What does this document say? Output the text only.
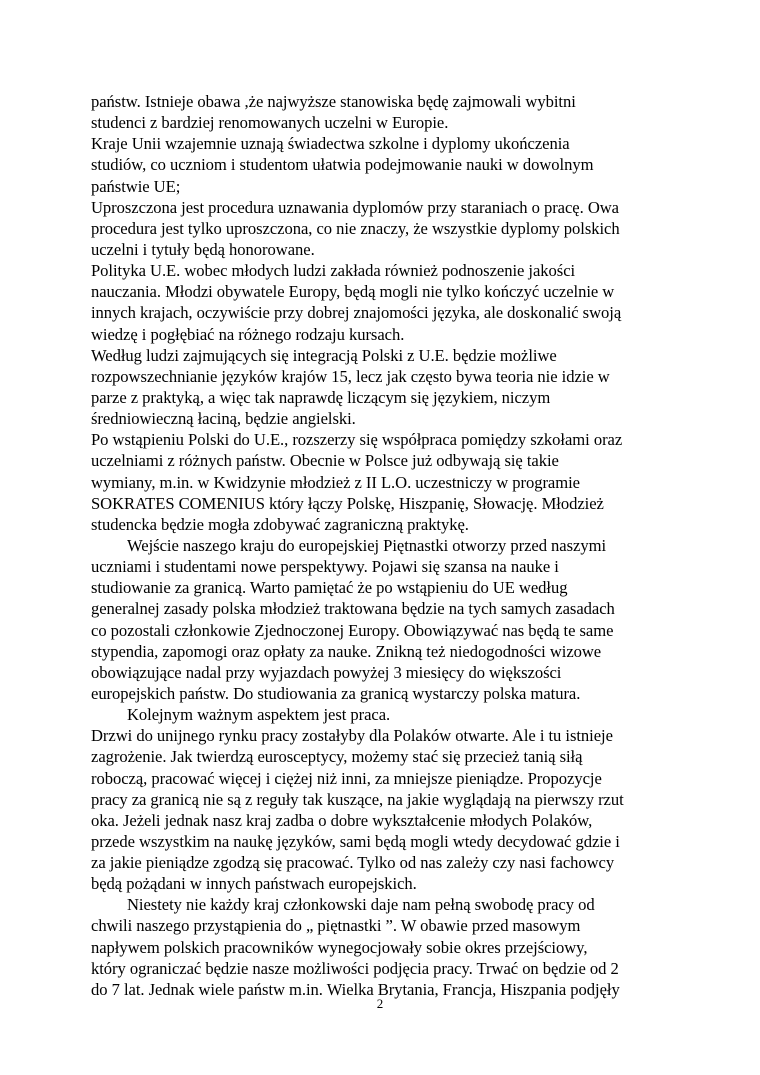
państw. Istnieje obawa ,że najwyższe stanowiska będę zajmowali wybitni
studenci z bardziej renomowanych uczelni w Europie.
Kraje Unii wzajemnie uznają świadectwa szkolne i dyplomy ukończenia
studiów, co uczniom i studentom ułatwia podejmowanie nauki w dowolnym
państwie UE;
Uproszczona jest procedura uznawania dyplomów przy staraniach o pracę. Owa
procedura jest tylko uproszczona, co nie znaczy, że wszystkie dyplomy polskich
uczelni i tytuły będą honorowane.
Polityka U.E. wobec młodych ludzi zakłada również podnoszenie jakości
nauczania. Młodzi obywatele Europy, będą mogli nie tylko kończyć uczelnie w
innych krajach, oczywiście przy dobrej znajomości języka, ale doskonalić swoją
wiedzę i pogłębiać na różnego rodzaju kursach.
Według ludzi zajmujących się integracją Polski z U.E. będzie możliwe
rozpowszechnianie języków krajów 15, lecz jak często bywa teoria nie idzie w
parze z praktyką, a więc tak naprawdę liczącym się językiem, niczym
średniowieczną łaciną, będzie angielski.
Po wstąpieniu Polski do U.E., rozszerzy się współpraca pomiędzy szkołami oraz
uczelniami z różnych państw. Obecnie w Polsce już odbywają się takie
wymiany, m.in. w Kwidzynie młodzież z II L.O. uczestniczy w programie
SOKRATES COMENIUS który łączy Polskę, Hiszpanię, Słowację. Młodzież
studencka będzie mogła zdobywać zagraniczną praktykę.
Wejście naszego kraju do europejskiej Piętnastki otworzy przed naszymi
uczniami i studentami nowe perspektywy. Pojawi się szansa na nauke i
studiowanie za granicą. Warto pamiętać że po wstąpieniu do UE według
generalnej zasady polska młodzież traktowana będzie na tych samych zasadach
co pozostali członkowie Zjednoczonej Europy. Obowiązywać nas będą te same
stypendia, zapomogi oraz opłaty za nauke. Znikną też niedogodności wizowe
obowiązujące nadal przy wyjazdach powyżej 3 miesięcy do większości
europejskich państw. Do studiowania za granicą wystarczy polska matura.
Kolejnym ważnym aspektem jest praca.
Drzwi do unijnego rynku pracy zostałyby dla Polaków otwarte. Ale i tu istnieje
zagrożenie. Jak twierdzą eurosceptycy, możemy stać się przecież tanią siłą
roboczą, pracować więcej i ciężej niż inni, za mniejsze pieniądze. Propozycje
pracy za granicą nie są z reguły tak kuszące, na jakie wyglądają na pierwszy rzut
oka. Jeżeli jednak nasz kraj zadba o dobre wykształcenie młodych Polaków,
przede wszystkim na naukę języków, sami będą mogli wtedy decydować gdzie i
za jakie pieniądze zgodzą się pracować. Tylko od nas zależy czy nasi fachowcy
będą pożądani w innych państwach europejskich.
Niestety nie każdy kraj członkowski daje nam pełną swobodę pracy od
chwili naszego przystąpienia do „ piętnastki ”. W obawie przed masowym
napływem polskich pracowników wynegocjowały sobie okres przejściowy,
który ograniczać będzie nasze możliwości podjęcia pracy. Trwać on będzie od 2
do 7 lat. Jednak wiele państw m.in. Wielka Brytania, Francja, Hiszpania podjęły
2
